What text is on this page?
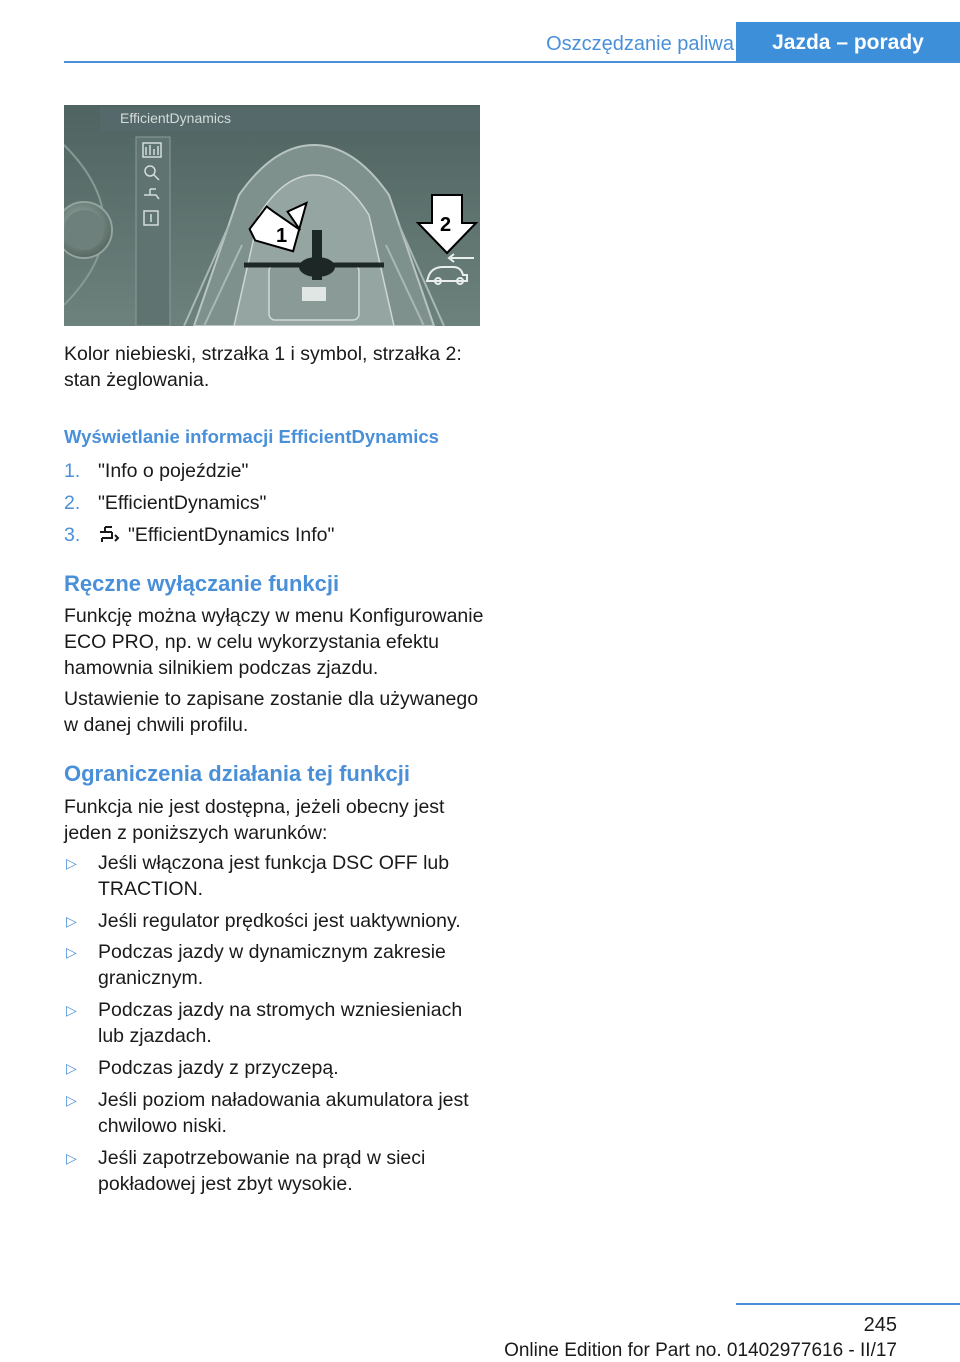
Oszczędzanie paliwa	Jazda – porady
EfficientDynamics
1	2

Kolor niebieski, strzałka 1 i symbol, strzałka 2: stan żeglowania.

Wyświetlanie informacji EfficientDynamics

1. "Info o pojeździe"
2. "EfficientDynamics"
3. "EfficientDynamics Info"

Ręczne wyłączanie funkcji

Funkcję można wyłączy w menu Konfigurowanie ECO PRO, np. w celu wykorzystania efektu hamownia silnikiem podczas zjazdu.

Ustawienie to zapisane zostanie dla używanego w danej chwili profilu.

Ograniczenia działania tej funkcji

Funkcja nie jest dostępna, jeżeli obecny jest jeden z poniższych warunków:

▷ Jeśli włączona jest funkcja DSC OFF lub TRACTION.
▷ Jeśli regulator prędkości jest uaktywniony.
▷ Podczas jazdy w dynamicznym zakresie granicznym.
▷ Podczas jazdy na stromych wzniesieniach lub zjazdach.
▷ Podczas jazdy z przyczepą.
▷ Jeśli poziom naładowania akumulatora jest chwilowo niski.
▷ Jeśli zapotrzebowanie na prąd w sieci pokładowej jest zbyt wysokie.
245
Online Edition for Part no. 01402977616 - II/17
